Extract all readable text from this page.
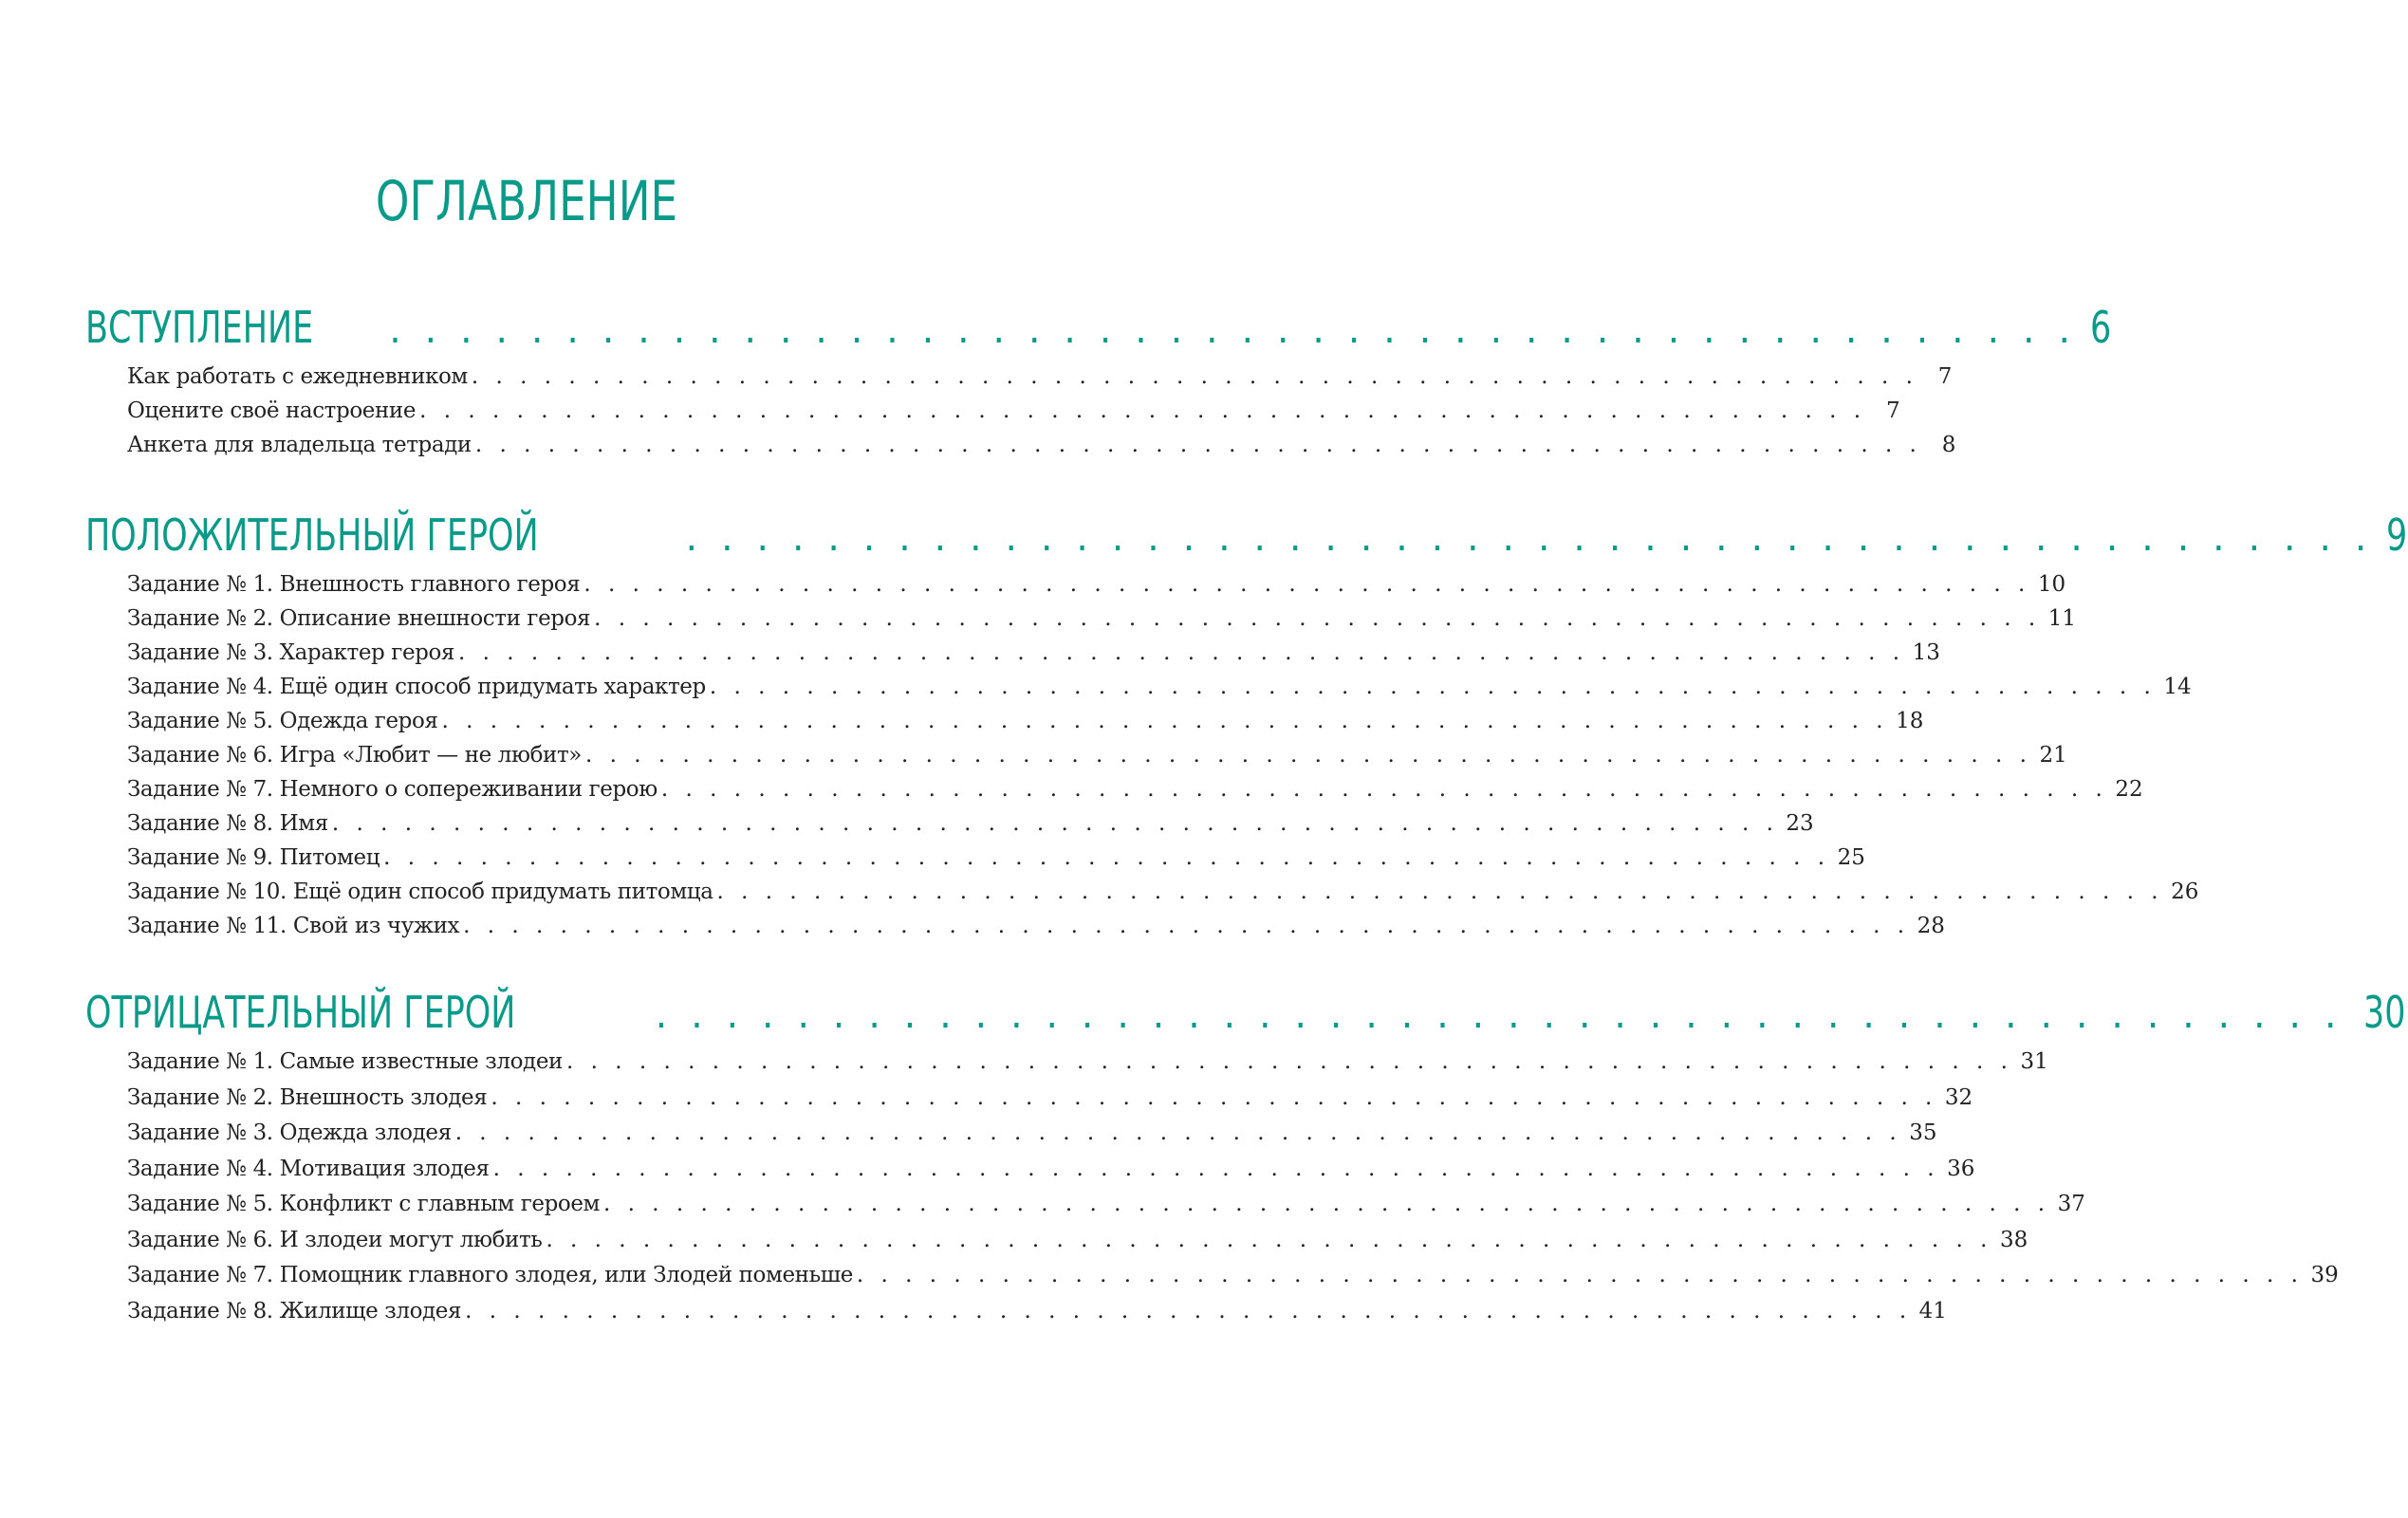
ОГЛАВЛЕНИЕ
ВСТУПЛЕНИЕ . . . . . . . . . . . . . . . . . . . . . . . . . . . . . . . . . . . . . . . . . . . . . . . . 6
Как работать с ежедневником . . . . . . . . . . . . . . . . . . . . . . . . . . . . . . . . . . . . . . . . . . . . . . . . . . . . . . . . . . . . 7
Оцените своё настроение . . . . . . . . . . . . . . . . . . . . . . . . . . . . . . . . . . . . . . . . . . . . . . . . . . . . . . . . . . . . 7
Анкета для владельца тетради . . . . . . . . . . . . . . . . . . . . . . . . . . . . . . . . . . . . . . . . . . . . . . . . . . . . . . . . . . . . 8
ПОЛОЖИТЕЛЬНЫЙ ГЕРОЙ	. . . . . . . . . . . . . . . . . . . . . . . . . . . . . . . . . . . . . . . . . . . . . . . . 9
Задание № 1. Внешность главного героя . . . . . . . . . . . . . . . . . . . . . . . . . . . . . . . . . . . . . . . . . . . . . . . . . . . . . . . . . . . . 10
Задание № 2. Описание внешности героя . . . . . . . . . . . . . . . . . . . . . . . . . . . . . . . . . . . . . . . . . . . . . . . . . . . . . . . . . . . . 11
Задание № 3. Характер героя . . . . . . . . . . . . . . . . . . . . . . . . . . . . . . . . . . . . . . . . . . . . . . . . . . . . . . . . . . . . 13
Задание № 4. Ещё один способ придумать характер . . . . . . . . . . . . . . . . . . . . . . . . . . . . . . . . . . . . . . . . . . . . . . . . . . . . . . . . . . . . 14
Задание № 5. Одежда героя . . . . . . . . . . . . . . . . . . . . . . . . . . . . . . . . . . . . . . . . . . . . . . . . . . . . . . . . . . . . 18
Задание № 6. Игра «Любит — не любит» . . . . . . . . . . . . . . . . . . . . . . . . . . . . . . . . . . . . . . . . . . . . . . . . . . . . . . . . . . . . 21
Задание № 7. Немного о сопереживании герою . . . . . . . . . . . . . . . . . . . . . . . . . . . . . . . . . . . . . . . . . . . . . . . . . . . . . . . . . . . . 22
Задание № 8. Имя . . . . . . . . . . . . . . . . . . . . . . . . . . . . . . . . . . . . . . . . . . . . . . . . . . . . . . . . . . . . 23
Задание № 9. Питомец . . . . . . . . . . . . . . . . . . . . . . . . . . . . . . . . . . . . . . . . . . . . . . . . . . . . . . . . . . . . 25
Задание № 10. Ещё один способ придумать питомца . . . . . . . . . . . . . . . . . . . . . . . . . . . . . . . . . . . . . . . . . . . . . . . . . . . . . . . . . . . . 26
Задание № 11. Свой из чужих . . . . . . . . . . . . . . . . . . . . . . . . . . . . . . . . . . . . . . . . . . . . . . . . . . . . . . . . . . . . 28
ОТРИЦАТЕЛЬНЫЙ ГЕРОЙ	. . . . . . . . . . . . . . . . . . . . . . . . . . . . . . . . . . . . . . . . . . . . . . . . 30
Задание № 1. Самые известные злодеи . . . . . . . . . . . . . . . . . . . . . . . . . . . . . . . . . . . . . . . . . . . . . . . . . . . . . . . . . . . . 31
Задание № 2. Внешность злодея . . . . . . . . . . . . . . . . . . . . . . . . . . . . . . . . . . . . . . . . . . . . . . . . . . . . . . . . . . . . 32
Задание № 3. Одежда злодея . . . . . . . . . . . . . . . . . . . . . . . . . . . . . . . . . . . . . . . . . . . . . . . . . . . . . . . . . . . . 35
Задание № 4. Мотивация злодея . . . . . . . . . . . . . . . . . . . . . . . . . . . . . . . . . . . . . . . . . . . . . . . . . . . . . . . . . . . . 36
Задание № 5. Конфликт с главным героем . . . . . . . . . . . . . . . . . . . . . . . . . . . . . . . . . . . . . . . . . . . . . . . . . . . . . . . . . . . . 37
Задание № 6. И злодеи могут любить . . . . . . . . . . . . . . . . . . . . . . . . . . . . . . . . . . . . . . . . . . . . . . . . . . . . . . . . . . . . 38
Задание № 7. Помощник главного злодея, или Злодей поменьше . . . . . . . . . . . . . . . . . . . . . . . . . . . . . . . . . . . . . . . . . . . . . . . . . . . . . . . . . . . . 39
Задание № 8. Жилище злодея . . . . . . . . . . . . . . . . . . . . . . . . . . . . . . . . . . . . . . . . . . . . . . . . . . . . . . . . . . . . 41
